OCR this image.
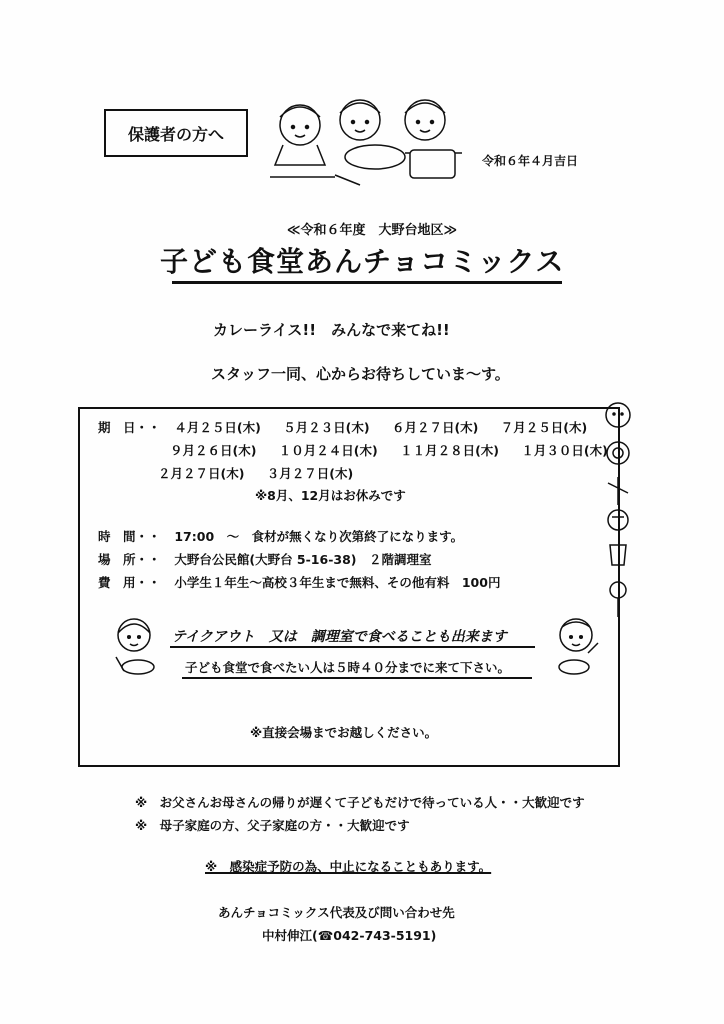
保護者の方へ
令和６年４月吉日
≪令和６年度　大野台地区≫
子ども食堂あんチョコミックス
カレーライス!!　みんなで来てね!!
スタッフ一同、心からお待ちしていま〜す。
期　日・・ ４月２５日(木) ５月２３日(木) ６月２７日(木) ７月２５日(木)
９月２６日(木) １０月２４日(木) １１月２８日(木) １月３０日(木)
２月２７日(木) ３月２７日(木)
※8月、12月はお休みです
時　間・・ 17:00　～　食材が無くなり次第終了になります。
場　所・・ 大野台公民館(大野台 5-16-38)　２階調理室
費　用・・ 小学生１年生～高校３年生まで無料、その他有料　100円
テイクアウト　又は　調理室で食べることも出来ます
子ども食堂で食べたい人は５時４０分までに来て下さい。
※直接会場までお越しください。
※　お父さんお母さんの帰りが遅くて子どもだけで待っている人・・大歓迎です
※　母子家庭の方、父子家庭の方・・大歓迎です
※　感染症予防の為、中止になることもあります。
あんチョコミックス代表及び問い合わせ先
中村伸江(☎042-743-5191)
